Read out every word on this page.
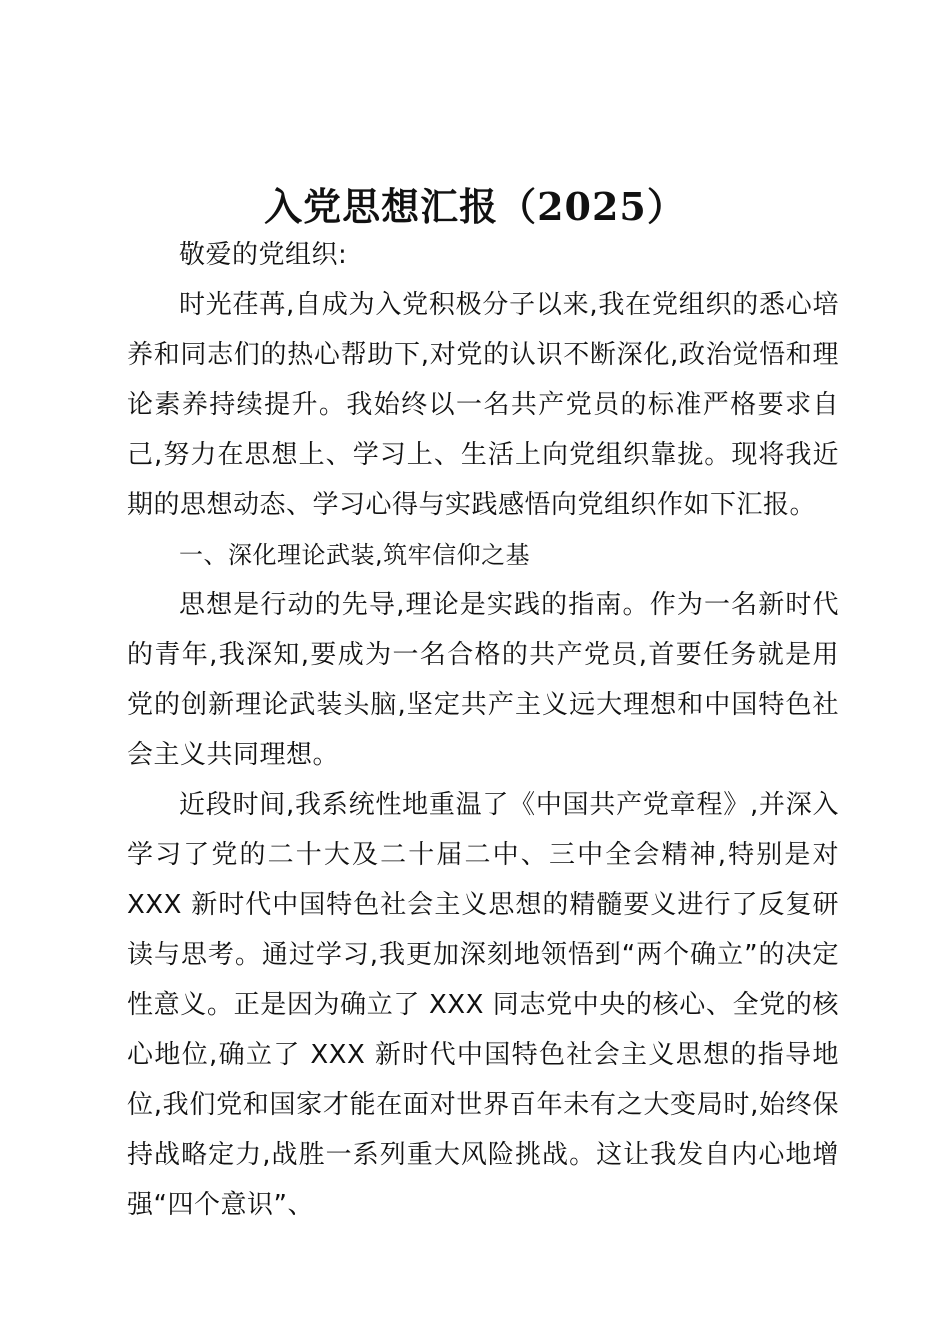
入党思想汇报（2025）

敬爱的党组织:

时光荏苒,自成为入党积极分子以来,我在党组织的悉心培养和同志们的热心帮助下,对党的认识不断深化,政治觉悟和理论素养持续提升。我始终以一名共产党员的标准严格要求自己,努力在思想上、学习上、生活上向党组织靠拢。现将我近期的思想动态、学习心得与实践感悟向党组织作如下汇报。

一、深化理论武装,筑牢信仰之基

思想是行动的先导,理论是实践的指南。作为一名新时代的青年,我深知,要成为一名合格的共产党员,首要任务就是用党的创新理论武装头脑,坚定共产主义远大理想和中国特色社会主义共同理想。

近段时间,我系统性地重温了《中国共产党章程》,并深入学习了党的二十大及二十届二中、三中全会精神,特别是对 XXX 新时代中国特色社会主义思想的精髓要义进行了反复研读与思考。通过学习,我更加深刻地领悟到“两个确立”的决定性意义。正是因为确立了 XXX 同志党中央的核心、全党的核心地位,确立了 XXX 新时代中国特色社会主义思想的指导地位,我们党和国家才能在面对世界百年未有之大变局时,始终保持战略定力,战胜一系列重大风险挑战。这让我发自内心地增强“四个意识”、
